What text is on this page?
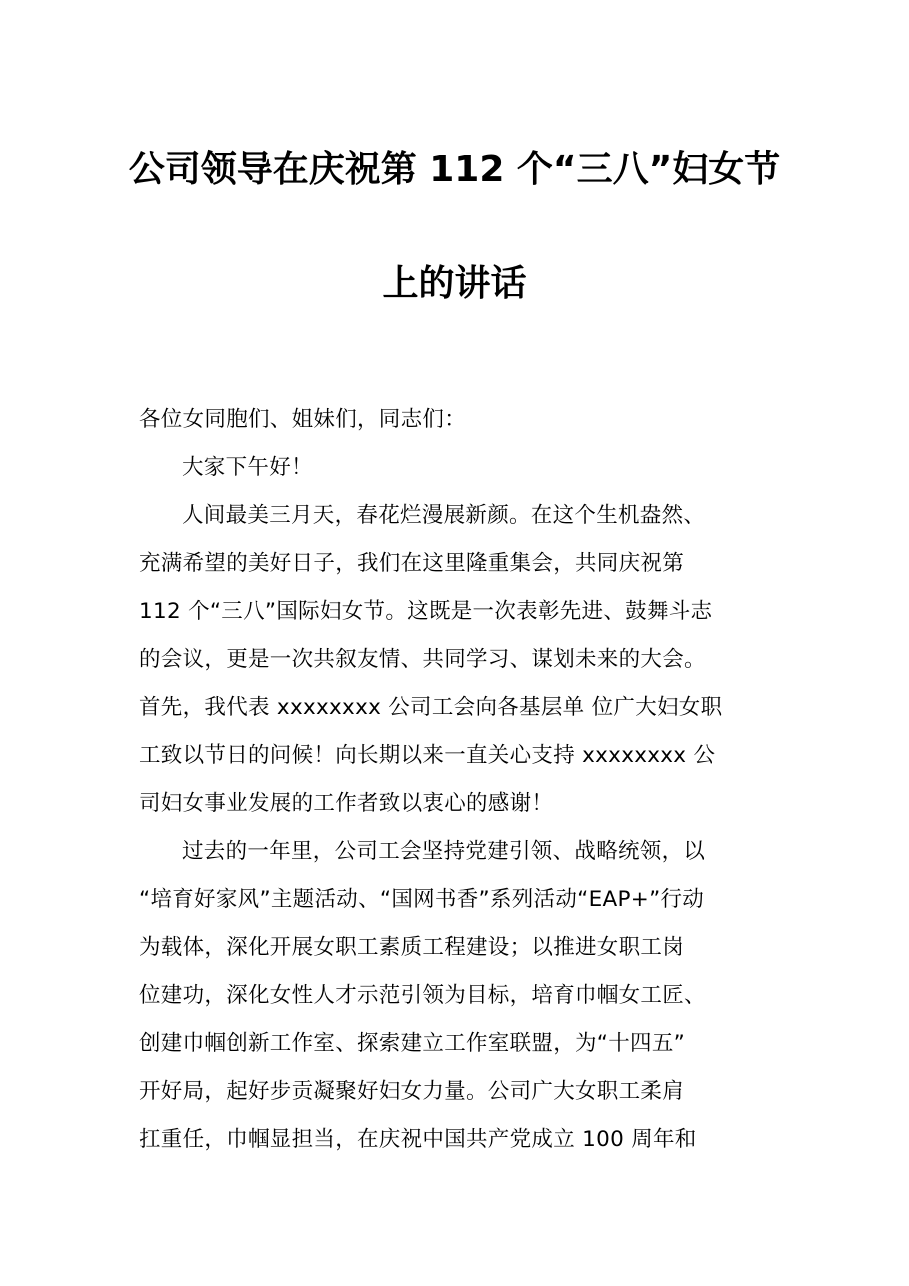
公司领导在庆祝第 112 个“三八”妇女节
上的讲话
各位女同胞们、姐妹们，同志们：
大家下午好！
人间最美三月天，春花烂漫展新颜。在这个生机盎然、
充满希望的美好日子，我们在这里隆重集会，共同庆祝第
112 个“三八”国际妇女节。这既是一次表彰先进、鼓舞斗志
的会议，更是一次共叙友情、共同学习、谋划未来的大会。
首先，我代表 xxxxxxxx 公司工会向各基层单 位广大妇女职
工致以节日的问候！向长期以来一直关心支持 xxxxxxxx 公
司妇女事业发展的工作者致以衷心的感谢！
过去的一年里，公司工会坚持党建引领、战略统领，以
“培育好家风”主题活动、“国网书香”系列活动“EAP+”行动
为载体，深化开展女职工素质工程建设；以推进女职工岗
位建功，深化女性人才示范引领为目标，培育巾帼女工匠、
创建巾帼创新工作室、探索建立工作室联盟，为“十四五”
开好局，起好步贡凝聚好妇女力量。公司广大女职工柔肩
扛重任，巾帼显担当，在庆祝中国共产党成立 100 周年和
